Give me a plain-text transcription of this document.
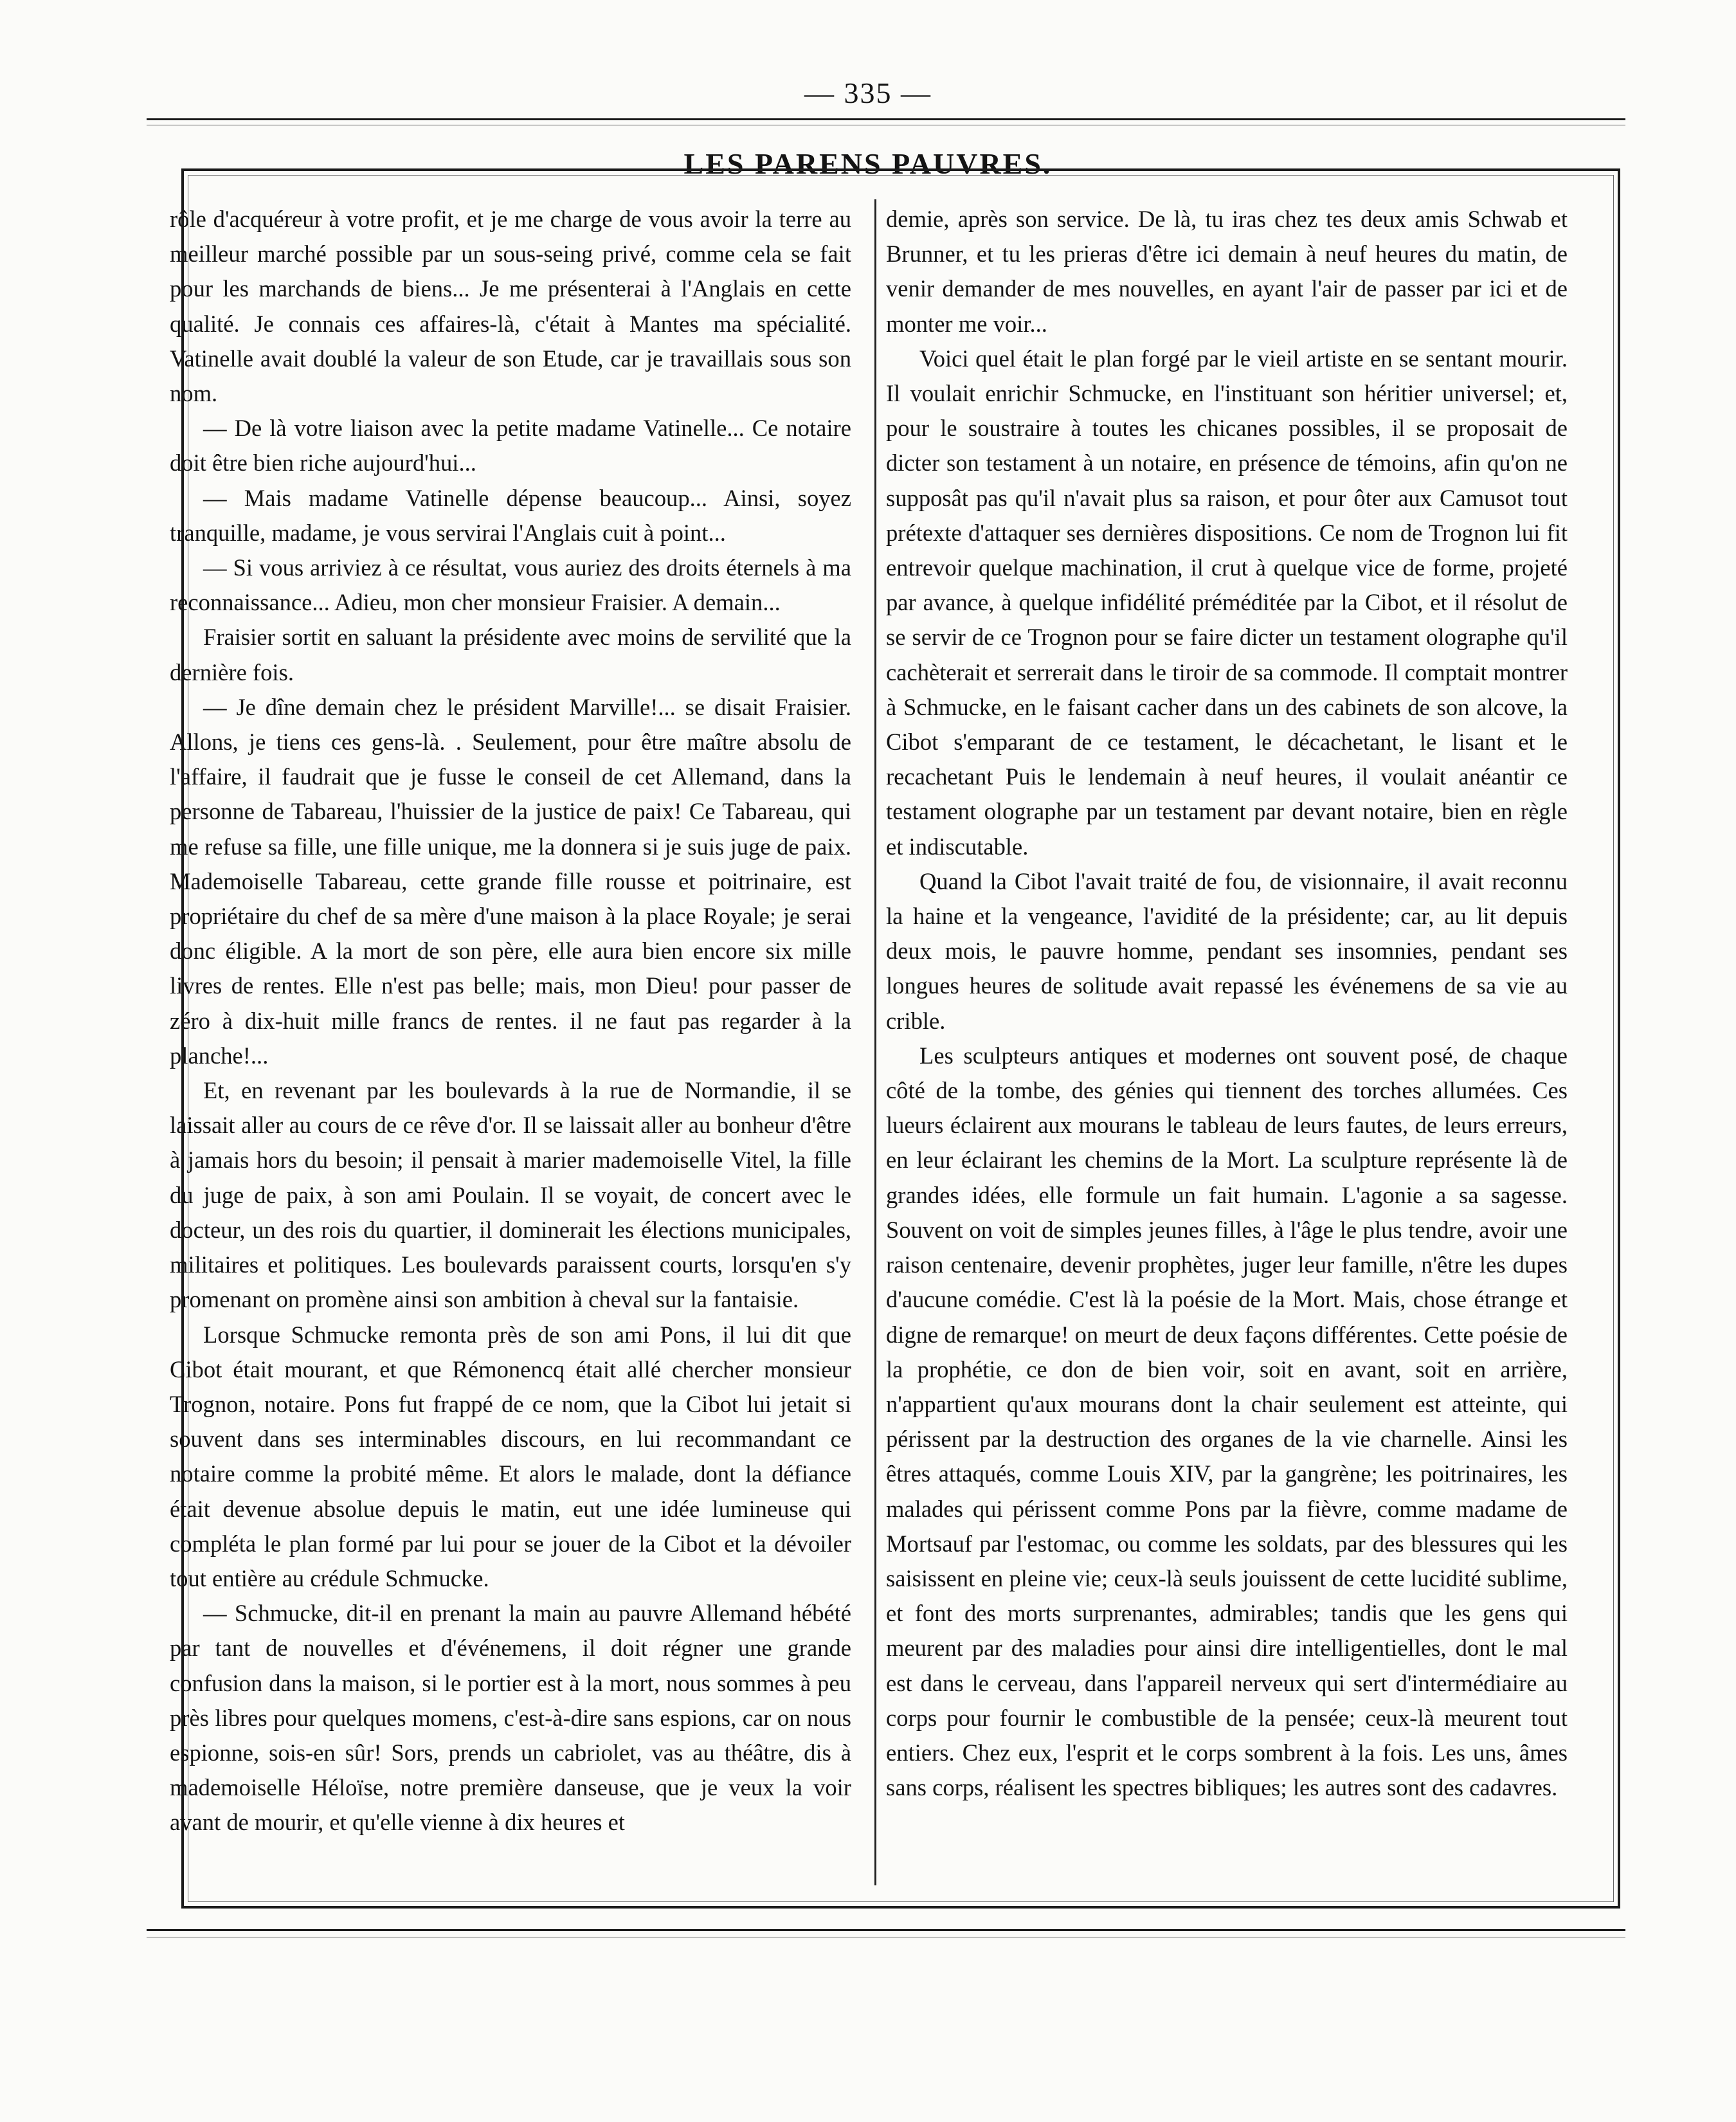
— 335 —
LES PARENS PAUVRES.

rôle d'acquéreur à votre profit, et je me charge de vous avoir la terre au meilleur marché possible par un sous-seing privé, comme cela se fait pour les marchands de biens... Je me présenterai à l'Anglais en cette qualité. Je connais ces affaires-là, c'était à Mantes ma spécialité. Vatinelle avait doublé la valeur de son Etude, car je travaillais sous son nom.

— De là votre liaison avec la petite madame Vatinelle... Ce notaire doit être bien riche aujourd'hui...

— Mais madame Vatinelle dépense beaucoup... Ainsi, soyez tranquille, madame, je vous servirai l'Anglais cuit à point...

— Si vous arriviez à ce résultat, vous auriez des droits éternels à ma reconnaissance... Adieu, mon cher monsieur Fraisier. A demain...

Fraisier sortit en saluant la présidente avec moins de servilité que la dernière fois.

— Je dîne demain chez le président Marville!... se disait Fraisier. Allons, je tiens ces gens-là. . Seulement, pour être maître absolu de l'affaire, il faudrait que je fusse le conseil de cet Allemand, dans la personne de Tabareau, l'huissier de la justice de paix! Ce Tabareau, qui me refuse sa fille, une fille unique, me la donnera si je suis juge de paix. Mademoiselle Tabareau, cette grande fille rousse et poitrinaire, est propriétaire du chef de sa mère d'une maison à la place Royale; je serai donc éligible. A la mort de son père, elle aura bien encore six mille livres de rentes. Elle n'est pas belle; mais, mon Dieu! pour passer de zéro à dix-huit mille francs de rentes. il ne faut pas regarder à la planche!...

Et, en revenant par les boulevards à la rue de Normandie, il se laissait aller au cours de ce rêve d'or. Il se laissait aller au bonheur d'être à jamais hors du besoin; il pensait à marier mademoiselle Vitel, la fille du juge de paix, à son ami Poulain. Il se voyait, de concert avec le docteur, un des rois du quartier, il dominerait les élections municipales, militaires et politiques. Les boulevards paraissent courts, lorsqu'en s'y promenant on promène ainsi son ambition à cheval sur la fantaisie.

Lorsque Schmucke remonta près de son ami Pons, il lui dit que Cibot était mourant, et que Rémonencq était allé chercher monsieur Trognon, notaire. Pons fut frappé de ce nom, que la Cibot lui jetait si souvent dans ses interminables discours, en lui recommandant ce notaire comme la probité même. Et alors le malade, dont la défiance était devenue absolue depuis le matin, eut une idée lumineuse qui compléta le plan formé par lui pour se jouer de la Cibot et la dévoiler tout entière au crédule Schmucke.

— Schmucke, dit-il en prenant la main au pauvre Allemand hébété par tant de nouvelles et d'événemens, il doit régner une grande confusion dans la maison, si le portier est à la mort, nous sommes à peu près libres pour quelques momens, c'est-à-dire sans espions, car on nous espionne, sois-en sûr! Sors, prends un cabriolet, vas au théâtre, dis à mademoiselle Héloïse, notre première danseuse, que je veux la voir avant de mourir, et qu'elle vienne à dix heures et

demie, après son service. De là, tu iras chez tes deux amis Schwab et Brunner, et tu les prieras d'être ici demain à neuf heures du matin, de venir demander de mes nouvelles, en ayant l'air de passer par ici et de monter me voir...

Voici quel était le plan forgé par le vieil artiste en se sentant mourir. Il voulait enrichir Schmucke, en l'instituant son héritier universel; et, pour le soustraire à toutes les chicanes possibles, il se proposait de dicter son testament à un notaire, en présence de témoins, afin qu'on ne supposât pas qu'il n'avait plus sa raison, et pour ôter aux Camusot tout prétexte d'attaquer ses dernières dispositions. Ce nom de Trognon lui fit entrevoir quelque machination, il crut à quelque vice de forme, projeté par avance, à quelque infidélité préméditée par la Cibot, et il résolut de se servir de ce Trognon pour se faire dicter un testament olographe qu'il cachèterait et serrerait dans le tiroir de sa commode. Il comptait montrer à Schmucke, en le faisant cacher dans un des cabinets de son alcove, la Cibot s'emparant de ce testament, le décachetant, le lisant et le recachetant Puis le lendemain à neuf heures, il voulait anéantir ce testament olographe par un testament par devant notaire, bien en règle et indiscutable.

Quand la Cibot l'avait traité de fou, de visionnaire, il avait reconnu la haine et la vengeance, l'avidité de la présidente; car, au lit depuis deux mois, le pauvre homme, pendant ses insomnies, pendant ses longues heures de solitude avait repassé les événemens de sa vie au crible.

Les sculpteurs antiques et modernes ont souvent posé, de chaque côté de la tombe, des génies qui tiennent des torches allumées. Ces lueurs éclairent aux mourans le tableau de leurs fautes, de leurs erreurs, en leur éclairant les chemins de la Mort. La sculpture représente là de grandes idées, elle formule un fait humain. L'agonie a sa sagesse. Souvent on voit de simples jeunes filles, à l'âge le plus tendre, avoir une raison centenaire, devenir prophètes, juger leur famille, n'être les dupes d'aucune comédie. C'est là la poésie de la Mort. Mais, chose étrange et digne de remarque! on meurt de deux façons différentes. Cette poésie de la prophétie, ce don de bien voir, soit en avant, soit en arrière, n'appartient qu'aux mourans dont la chair seulement est atteinte, qui périssent par la destruction des organes de la vie charnelle. Ainsi les êtres attaqués, comme Louis XIV, par la gangrène; les poitrinaires, les malades qui périssent comme Pons par la fièvre, comme madame de Mortsauf par l'estomac, ou comme les soldats, par des blessures qui les saisissent en pleine vie; ceux-là seuls jouissent de cette lucidité sublime, et font des morts surprenantes, admirables; tandis que les gens qui meurent par des maladies pour ainsi dire intelligentielles, dont le mal est dans le cerveau, dans l'appareil nerveux qui sert d'intermédiaire au corps pour fournir le combustible de la pensée; ceux-là meurent tout entiers. Chez eux, l'esprit et le corps sombrent à la fois. Les uns, âmes sans corps, réalisent les spectres bibliques; les autres sont des cadavres.
